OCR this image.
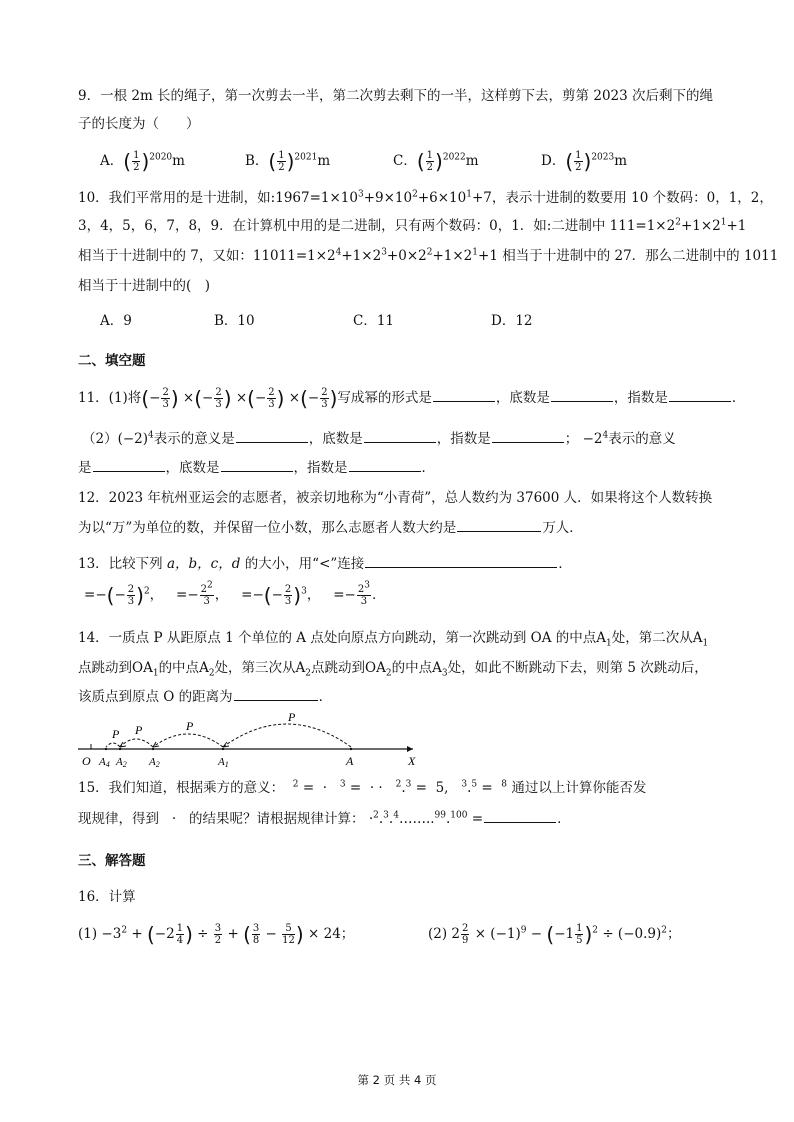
9．一根 2m 长的绳子，第一次剪去一半，第二次剪去剩下的一半，这样剪下去，剪第 2023 次后剩下的绳
子的长度为（　　）
A．( $\frac{1}{2} )^{2020}m$	B．( $\frac{1}{2} )^{2021}m$	C．( $\frac{1}{2} )^{2022}m$	D．( $\frac{1}{2} )^{2023}m$
10．我们平常用的是十进制，如$:1967=1\times 10^3+9\times 10^2+6\times 10^1+7$，表示十进制的数要用 10 个数码：0，1，2，
3，4，5，6，7，8，9．在计算机中用的是二进制，只有两个数码：0，1．如:二进制中 $111=1\times 2^2+1\times 2^1+1$
相当于十进制中的 7，又如：$11011=1\times 2^4+1\times 2^3+0\times 2^2+1\times 2^1+1$ 相当于十进制中的 27．那么二进制中的 1011
相当于十进制中的(　)
A．9	B．10	C．11	D．12
二、填空题
11．(1)将(− $\frac{2}{3}$ ) ×(− $\frac{2}{3}$ ) ×(− $\frac{2}{3}$ ) ×(− $\frac{2}{3}$ )写成幂的形式是	，底数是	，指数是	．
$(2)(-2)^4$表示的意义是	，底数是	，指数是	； $-2^4$表示的意义
是	，底数是	，指数是	．
12．2023 年杭州亚运会的志愿者，被亲切地称为“小青荷”，总人数约为 37600 人．如果将这个人数转换
为以“万”为单位的数，并保留一位小数，那么志愿者人数大约是	万人．
13．比较下列 a，b，c，d 的大小，用“<”连接	．
=−(− $\frac{2}{3} )^2$， =− $\frac{2^2}{3}$ ， =−(− $\frac{2}{3} )^3$， =− $\frac{2^3}{3}$ ．
14．一质点 P 从距原点 1 个单位的 A 点处向原点方向跳动，第一次跳动到 OA 的中点$A_1$处，第二次从$A_1$
点跳动到$OA_1$的中点$A_2$处，第三次从$A_2$点跳动到$OA_2$的中点$A_3$处，如此不断跳动下去，则第 5 次跳动后，
该质点到原点 O 的距离为	．
P
P
P
P
O A4 A2 A2	A1	A	X
15．我们知道，根据乘方的意义： $^2$ = · $^3$ = · · $^2$.$^3$ = 5,   $^3$.$^5$ = $^8$ 通过以上计算你能否发
现规律，得到 · 的结果呢？请根据规律计算： ·$^2$.$^3$.$^4$……..$^{99}$.$^{100}$ =	．
三、解答题
16．计算
$(1) -3^2 + (-2 \frac{1}{4}$ ) ÷ $\frac{3}{2}$ + ( $\frac{3}{8} - \frac{5}{12}$ ) × 24；	(2) $2 \frac{2}{9} \times (-1)^9 - (-1 \frac{1}{5} )^2 \div (-0.9)^2$；
第 2 页 共 4 页
